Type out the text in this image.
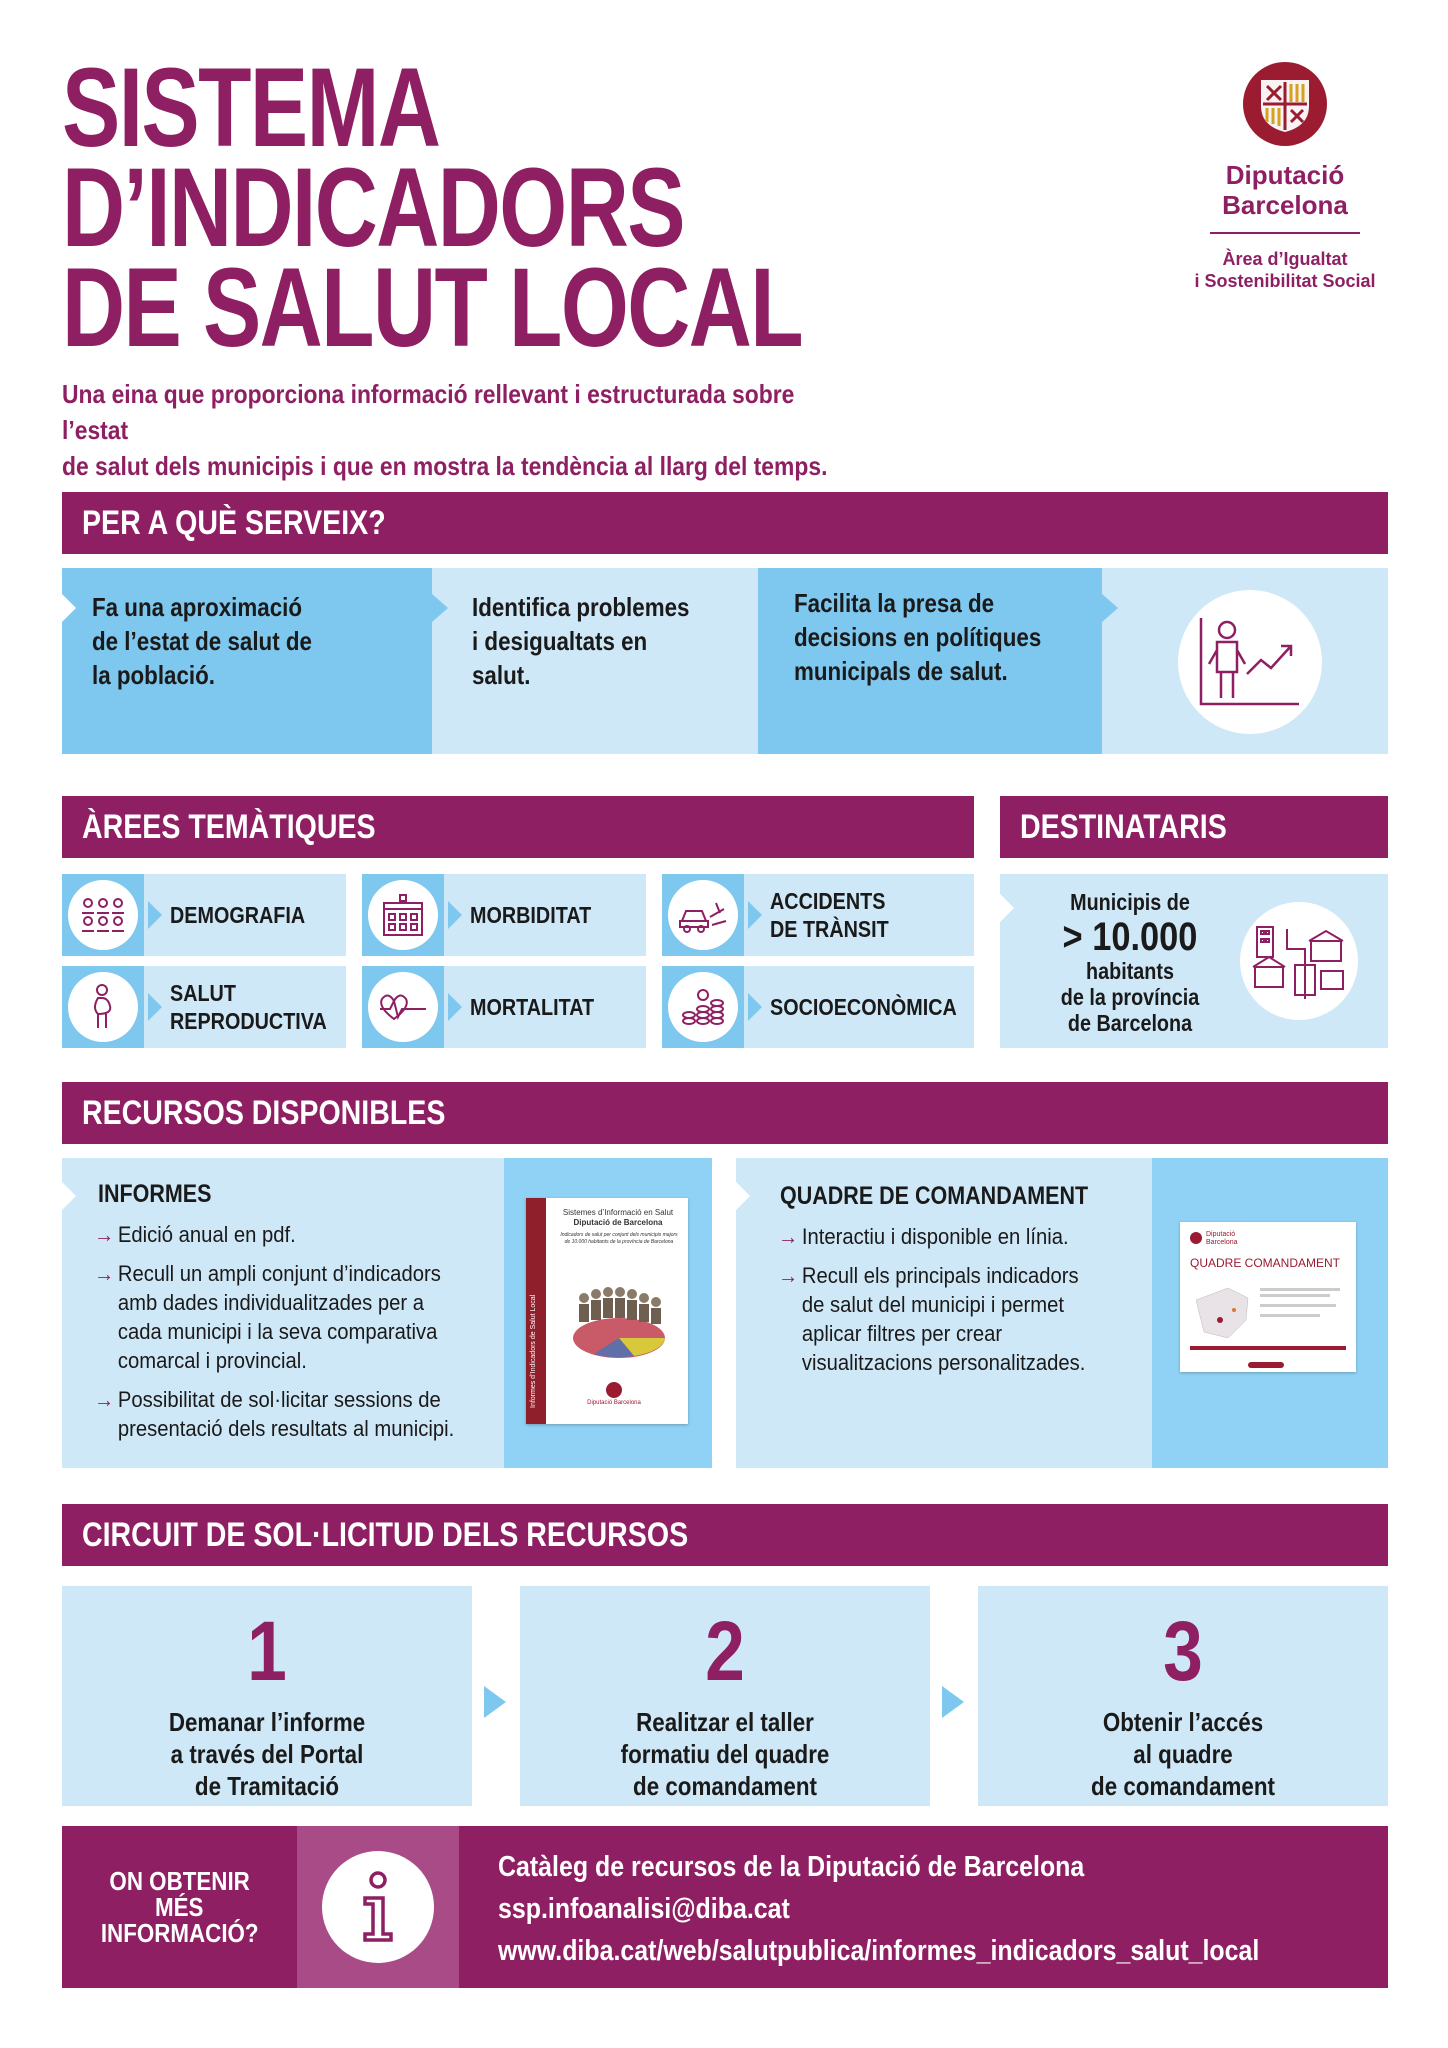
SISTEMA
D’INDICADORS
DE SALUT LOCAL
Una eina que proporciona informació rellevant i estructurada sobre l’estat
de salut dels municipis i que en mostra la tendència al llarg del temps.
Diputació
Barcelona
Àrea d’Igualtat
i Sostenibilitat Social
PER A QUÈ SERVEIX?
Fa una aproximació
de l’estat de salut de
la població.
Identifica problemes
i desigualtats en
salut.
Facilita la presa de
decisions en polítiques
municipals de salut.
ÀREES TEMÀTIQUES
DEMOGRAFIA	MORBIDITAT
ACCIDENTS
DE TRÀNSIT
SALUT
REPRODUCTIVA
MORTALITAT	SOCIOECONÒMICA
DESTINATARIS
Municipis de
> 10.000
habitants
de la província
de Barcelona
RECURSOS DISPONIBLES
INFORMES
→ Edició anual en pdf.
→ Recull un ampli conjunt d’indicadors
amb dades individualitzades per a
cada municipi i la seva comparativa
comarcal i provincial.
→ Possibilitat de sol·licitar sessions de
presentació dels resultats al municipi.
Informes d’Indicadors de Salut Local
Sistemes d’Informació en Salut
Diputació de Barcelona
Indicadors de salut per conjunt dels municipis majors de 10.000 habitants de la província de Barcelona
Diputació Barcelona
QUADRE DE COMANDAMENT
→ Interactiu i disponible en línia.
→ Recull els principals indicadors
de salut del municipi i permet
aplicar filtres per crear
visualitzacions personalitzades.
Diputació Barcelona
QUADRE COMANDAMENT
CIRCUIT DE SOL·LICITUD DELS RECURSOS
1
Demanar l’informe
a través del Portal
de Tramitació
2
Realitzar el taller
formatiu del quadre
de comandament
3
Obtenir l’accés
al quadre
de comandament
ON OBTENIR
MÉS
INFORMACIÓ?
Catàleg de recursos de la Diputació de Barcelona
ssp.infoanalisi@diba.cat
www.diba.cat/web/salutpublica/informes_indicadors_salut_local
